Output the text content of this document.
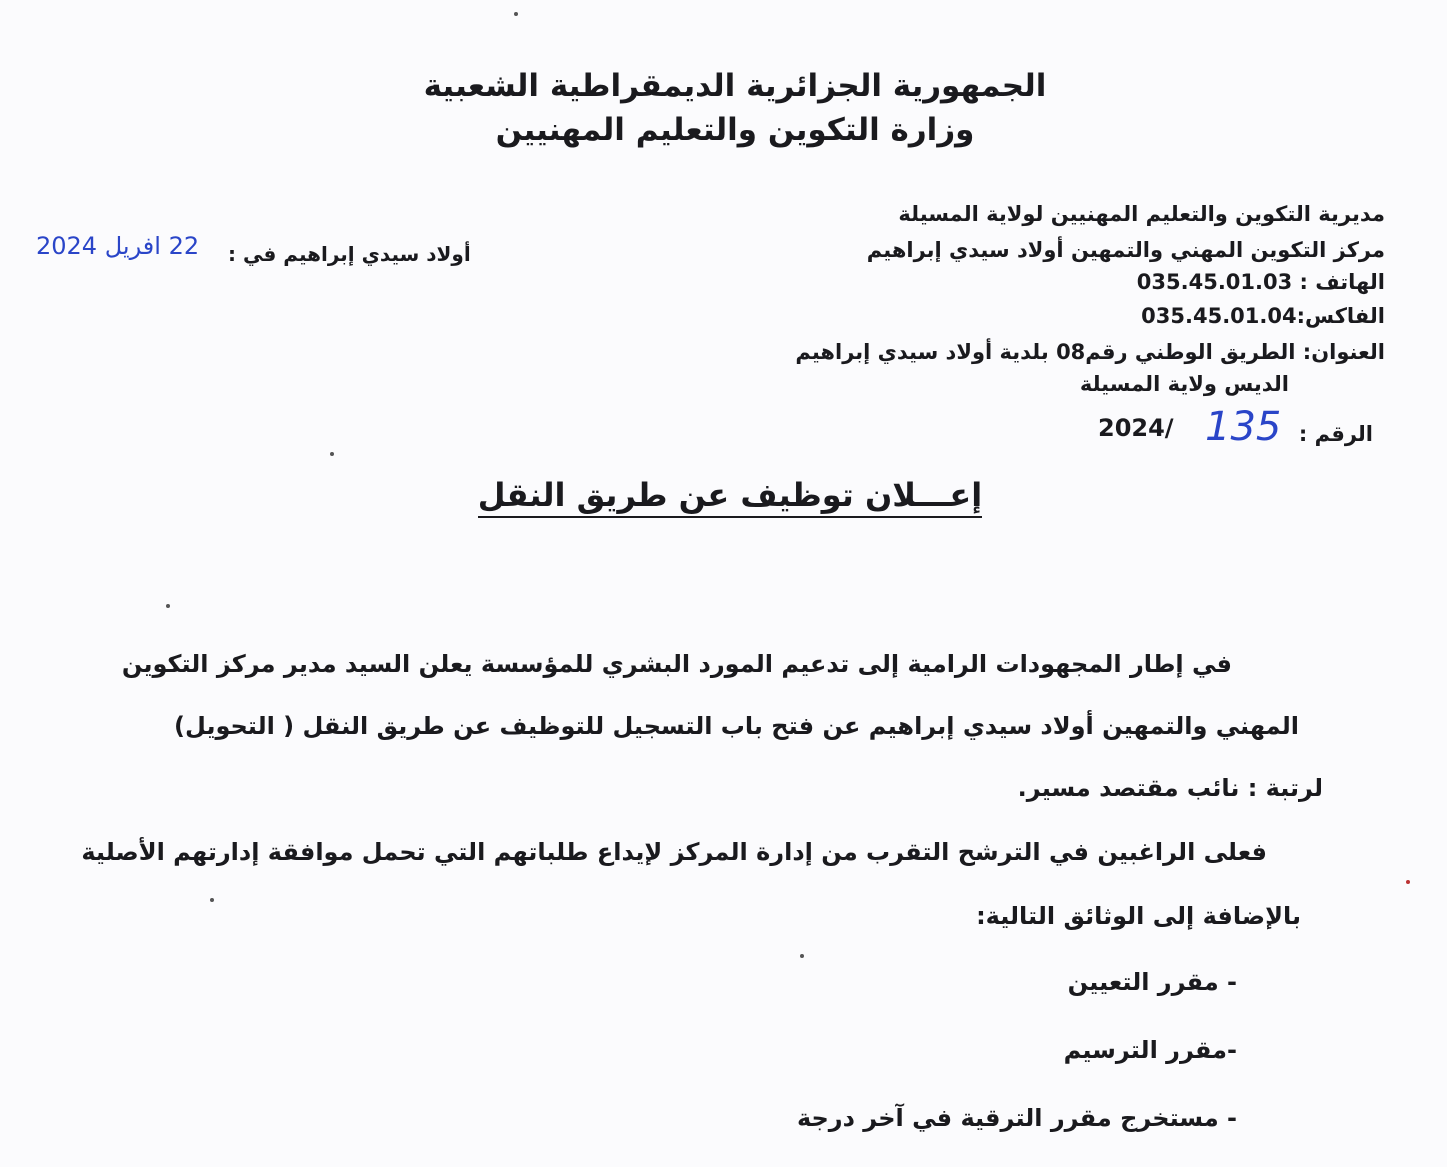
الجمهورية الجزائرية الديمقراطية الشعبية
وزارة التكوين والتعليم المهنيين
مديرية التكوين والتعليم المهنيين لولاية المسيلة
مركز التكوين المهني والتمهين أولاد سيدي إبراهيم
الهاتف : 035.45.01.03
الفاكس:035.45.01.04
العنوان: الطريق الوطني رقم08 بلدية أولاد سيدي إبراهيم
الديس ولاية المسيلة
الرقم :
135
2024/
أولاد سيدي إبراهيم في :
22 افريل 2024
إعـــلان توظيف عن طريق النقل
في إطار المجهودات الرامية إلى تدعيم المورد البشري للمؤسسة يعلن السيد مدير مركز التكوين
المهني والتمهين أولاد سيدي إبراهيم عن فتح باب التسجيل للتوظيف عن طريق النقل ( التحويل)
لرتبة : نائب مقتصد مسير.
فعلى الراغبين في الترشح التقرب من إدارة المركز لإيداع طلباتهم التي تحمل موافقة إدارتهم الأصلية
بالإضافة إلى الوثائق التالية:
- مقرر التعيين
-مقرر الترسيم
- مستخرج مقرر الترقية في آخر درجة
